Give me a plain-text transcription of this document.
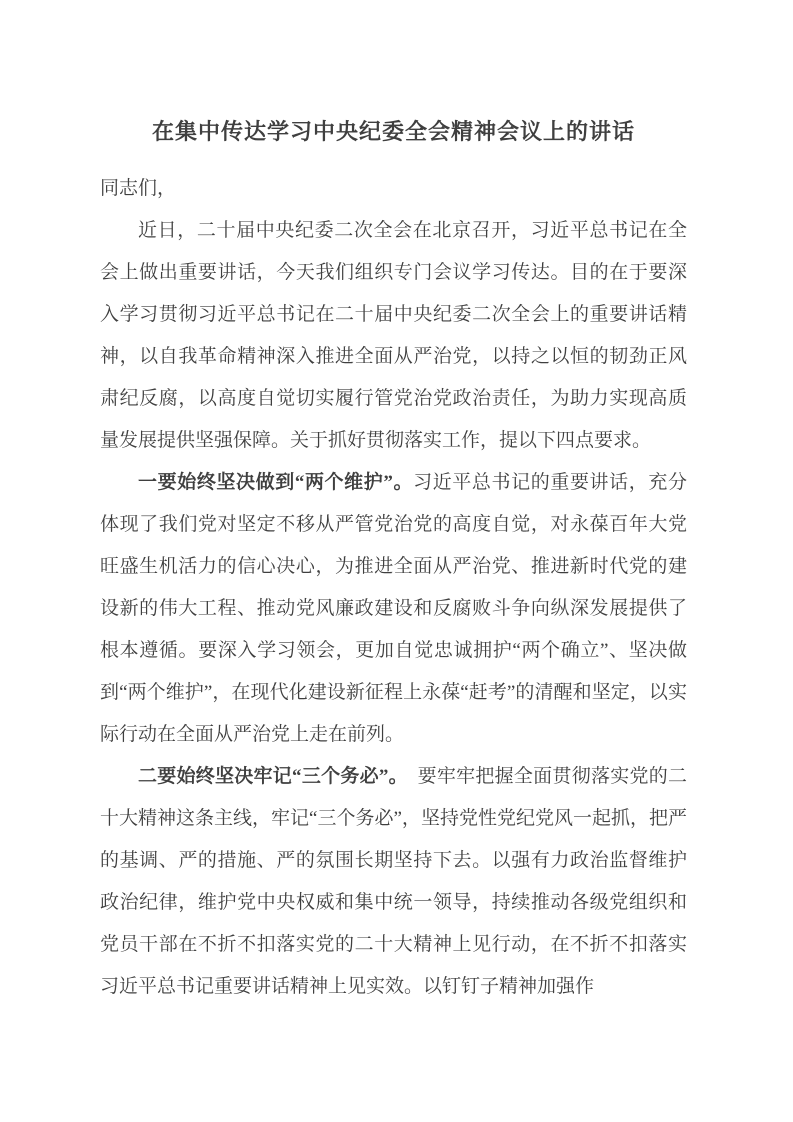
在集中传达学习中央纪委全会精神会议上的讲话

同志们，

近日，二十届中央纪委二次全会在北京召开，习近平总书记在全会上做出重要讲话，今天我们组织专门会议学习传达。目的在于要深入学习贯彻习近平总书记在二十届中央纪委二次全会上的重要讲话精神，以自我革命精神深入推进全面从严治党，以持之以恒的韧劲正风肃纪反腐，以高度自觉切实履行管党治党政治责任，为助力实现高质量发展提供坚强保障。关于抓好贯彻落实工作，提以下四点要求。

一要始终坚决做到“两个维护”。习近平总书记的重要讲话，充分体现了我们党对坚定不移从严管党治党的高度自觉，对永葆百年大党旺盛生机活力的信心决心，为推进全面从严治党、推进新时代党的建设新的伟大工程、推动党风廉政建设和反腐败斗争向纵深发展提供了根本遵循。要深入学习领会，更加自觉忠诚拥护“两个确立”、坚决做到“两个维护”，在现代化建设新征程上永葆“赶考”的清醒和坚定，以实际行动在全面从严治党上走在前列。

二要始终坚决牢记“三个务必”。　要牢牢把握全面贯彻落实党的二十大精神这条主线，牢记“三个务必”，坚持党性党纪党风一起抓，把严的基调、严的措施、严的氛围长期坚持下去。以强有力政治监督维护政治纪律，维护党中央权威和集中统一领导，持续推动各级党组织和党员干部在不折不扣落实党的二十大精神上见行动，在不折不扣落实习近平总书记重要讲话精神上见实效。以钉钉子精神加强作
